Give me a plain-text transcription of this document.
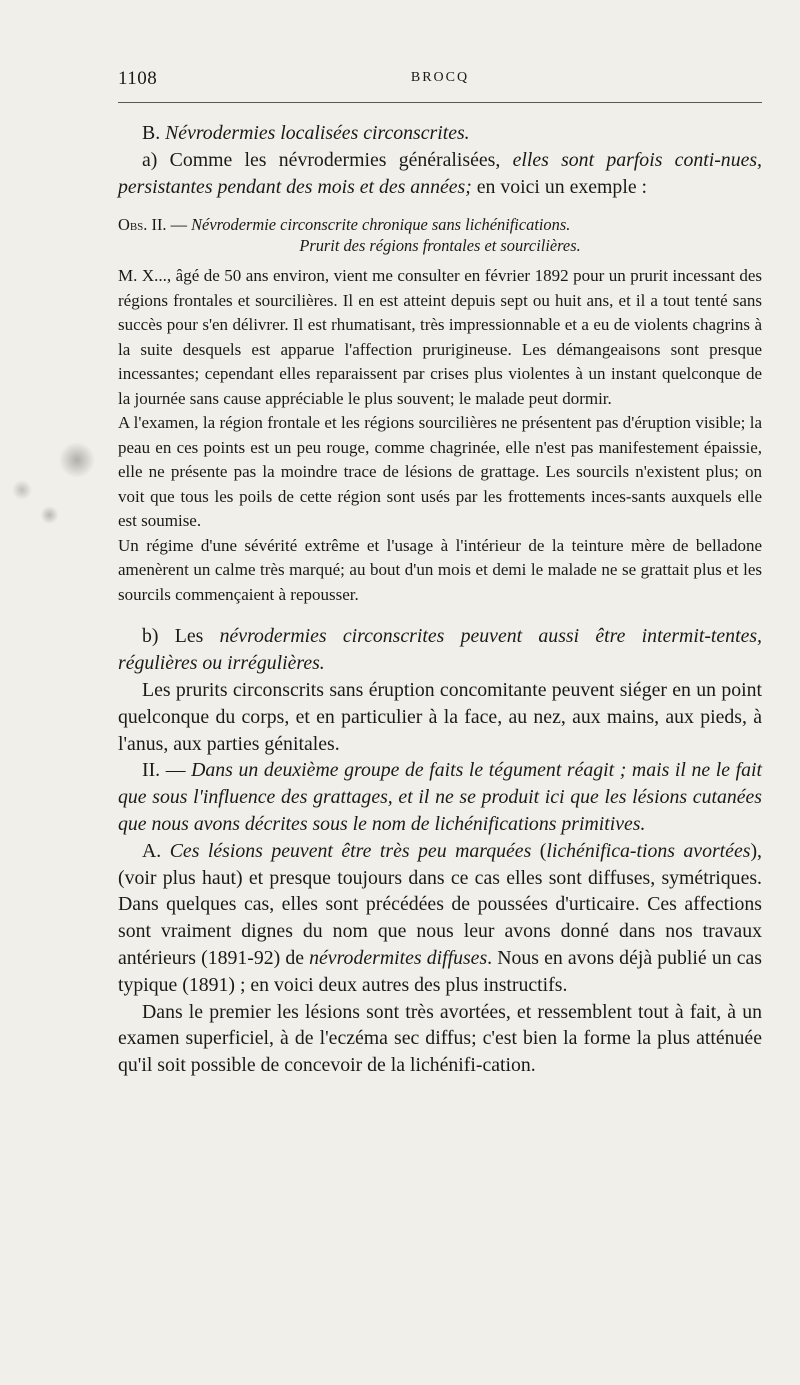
1108	BROCQ

B. Névrodermies localisées circonscrites.

a) Comme les névrodermies généralisées, elles sont parfois conti-nues, persistantes pendant des mois et des années; en voici un exemple :

Obs. II. — Névrodermie circonscrite chronique sans lichénifications.

Prurit des régions frontales et sourcilières.

M. X..., âgé de 50 ans environ, vient me consulter en février 1892 pour un prurit incessant des régions frontales et sourcilières. Il en est atteint depuis sept ou huit ans, et il a tout tenté sans succès pour s'en délivrer. Il est rhumatisant, très impressionnable et a eu de violents chagrins à la suite desquels est apparue l'affection prurigineuse. Les démangeaisons sont presque incessantes; cependant elles reparaissent par crises plus violentes à un instant quelconque de la journée sans cause appréciable le plus souvent; le malade peut dormir.

A l'examen, la région frontale et les régions sourcilières ne présentent pas d'éruption visible; la peau en ces points est un peu rouge, comme chagrinée, elle n'est pas manifestement épaissie, elle ne présente pas la moindre trace de lésions de grattage. Les sourcils n'existent plus; on voit que tous les poils de cette région sont usés par les frottements inces-sants auxquels elle est soumise.

Un régime d'une sévérité extrême et l'usage à l'intérieur de la teinture mère de belladone amenèrent un calme très marqué; au bout d'un mois et demi le malade ne se grattait plus et les sourcils commençaient à repousser.

b) Les névrodermies circonscrites peuvent aussi être intermit-tentes, régulières ou irrégulières.

Les prurits circonscrits sans éruption concomitante peuvent siéger en un point quelconque du corps, et en particulier à la face, au nez, aux mains, aux pieds, à l'anus, aux parties génitales.

II. — Dans un deuxième groupe de faits le tégument réagit ; mais il ne le fait que sous l'influence des grattages, et il ne se produit ici que les lésions cutanées que nous avons décrites sous le nom de lichénifications primitives.

A. Ces lésions peuvent être très peu marquées (lichénifica-tions avortées), (voir plus haut) et presque toujours dans ce cas elles sont diffuses, symétriques. Dans quelques cas, elles sont précédées de poussées d'urticaire. Ces affections sont vraiment dignes du nom que nous leur avons donné dans nos travaux antérieurs (1891-92) de névrodermites diffuses. Nous en avons déjà publié un cas typique (1891) ; en voici deux autres des plus instructifs.

Dans le premier les lésions sont très avortées, et ressemblent tout à fait, à un examen superficiel, à de l'eczéma sec diffus; c'est bien la forme la plus atténuée qu'il soit possible de concevoir de la lichénifi-cation.
